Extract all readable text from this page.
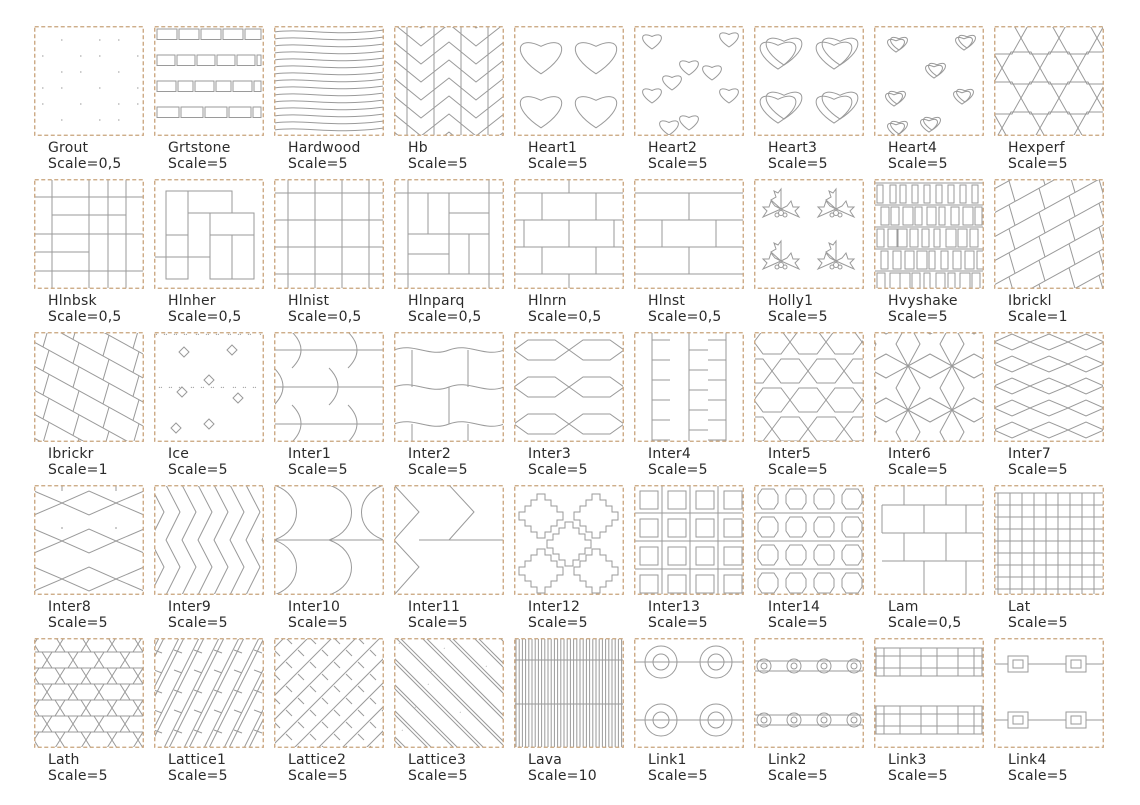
Grout
Scale=0,5
Grtstone
Scale=5
Hardwood
Scale=5
Hb
Scale=5
Heart1
Scale=5
Heart2
Scale=5
Heart3
Scale=5
Heart4
Scale=5
Hexperf
Scale=5
Hlnbsk
Scale=0,5
Hlnher
Scale=0,5
Hlnist
Scale=0,5
Hlnparq
Scale=0,5
Hlnrn
Scale=0,5
Hlnst
Scale=0,5
Holly1
Scale=5
Hvyshake
Scale=5
Ibrickl
Scale=1
Ibrickr
Scale=1
Ice
Scale=5
Inter1
Scale=5
Inter2
Scale=5
Inter3
Scale=5
Inter4
Scale=5
Inter5
Scale=5
Inter6
Scale=5
Inter7
Scale=5
Inter8
Scale=5
Inter9
Scale=5
Inter10
Scale=5
Inter11
Scale=5
Inter12
Scale=5
Inter13
Scale=5
Inter14
Scale=5
Lam
Scale=0,5
Lat
Scale=5
Lath
Scale=5
Lattice1
Scale=5
Lattice2
Scale=5
Lattice3
Scale=5
Lava
Scale=10
Link1
Scale=5
Link2
Scale=5
Link3
Scale=5
Link4
Scale=5
